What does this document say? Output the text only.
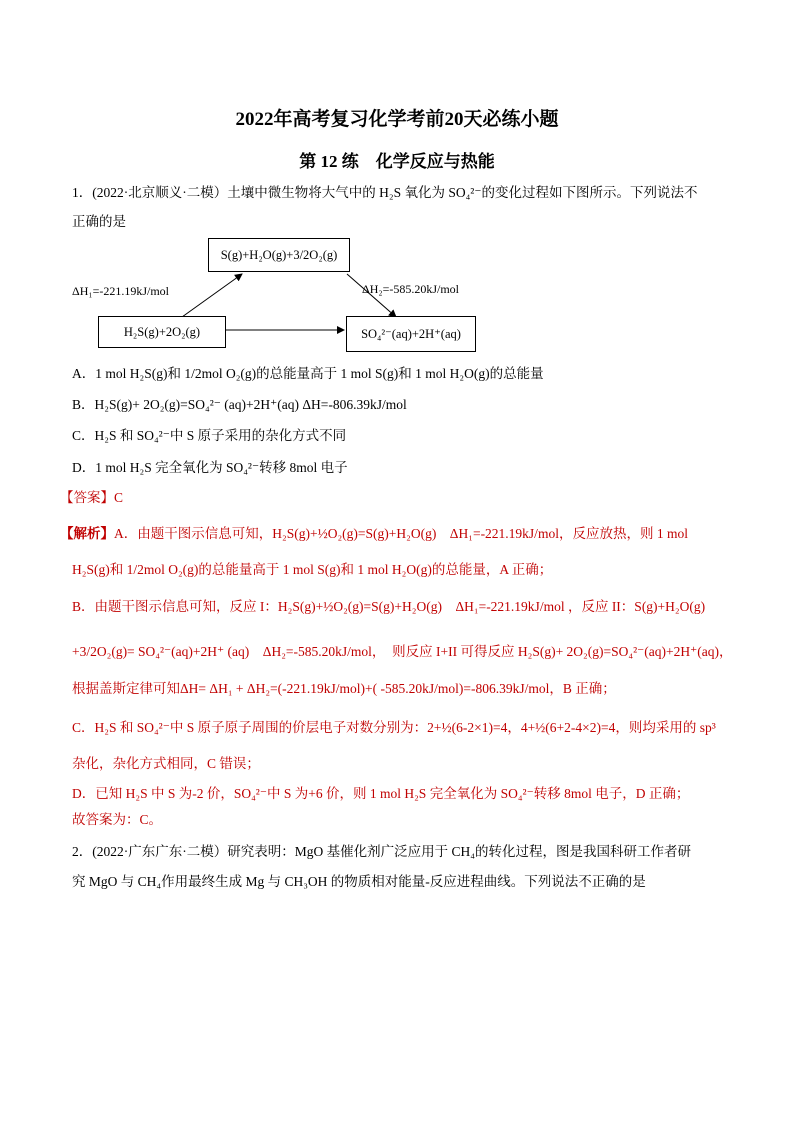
2022年高考复习化学考前20天必练小题
第 12 练　化学反应与热能
1．(2022·北京顺义·二模）土壤中微生物将大气中的 H₂S 氧化为 SO₄²⁻的变化过程如下图所示。下列说法不
正确的是
S(g)+H₂O(g)+3/2O₂(g)
H₂S(g)+2O₂(g)	SO₄²⁻(aq)+2H⁺(aq)
ΔH₁=-221.19kJ/mol	ΔH₂=-585.20kJ/mol
A．1 mol H₂S(g)和 1/2mol O₂(g)的总能量高于 1 mol S(g)和 1 mol H₂O(g)的总能量
B．H₂S(g)+ 2O₂(g)=SO₄²⁻ (aq)+2H⁺(aq) ΔH=-806.39kJ/mol
C．H₂S 和 SO₄²⁻中 S 原子采用的杂化方式不同
D．1 mol H₂S 完全氧化为 SO₄²⁻转移 8mol 电子
【答案】C
【解析】A．由题干图示信息可知，H₂S(g)+½O₂(g)=S(g)+H₂O(g)　ΔH₁=-221.19kJ/mol，反应放热，则 1 mol
H₂S(g)和 1/2mol O₂(g)的总能量高于 1 mol S(g)和 1 mol H₂O(g)的总能量，A 正确；
B．由题干图示信息可知，反应 I：H₂S(g)+½O₂(g)=S(g)+H₂O(g)　ΔH₁=-221.19kJ/mol ，反应 II：S(g)+H₂O(g)
+3/2O₂(g)= SO₄²⁻(aq)+2H⁺ (aq)　ΔH₂=-585.20kJ/mol，　则反应 I+II 可得反应 H₂S(g)+ 2O₂(g)=SO₄²⁻(aq)+2H⁺(aq)，
根据盖斯定律可知ΔH= ΔH₁ + ΔH₂=(-221.19kJ/mol)+( -585.20kJ/mol)=-806.39kJ/mol，B 正确；
C．H₂S 和 SO₄²⁻中 S 原子原子周围的价层电子对数分别为：2+½(6-2×1)=4，4+½(6+2-4×2)=4，则均采用的 sp³
杂化，杂化方式相同，C 错误；
D．已知 H₂S 中 S 为-2 价，SO₄²⁻中 S 为+6 价，则 1 mol H₂S 完全氧化为 SO₄²⁻转移 8mol 电子，D 正确；
故答案为：C。
2．(2022·广东广东·二模）研究表明：MgO 基催化剂广泛应用于 CH₄的转化过程，图是我国科研工作者研
究 MgO 与 CH₄作用最终生成 Mg 与 CH₃OH 的物质相对能量-反应进程曲线。下列说法不正确的是
